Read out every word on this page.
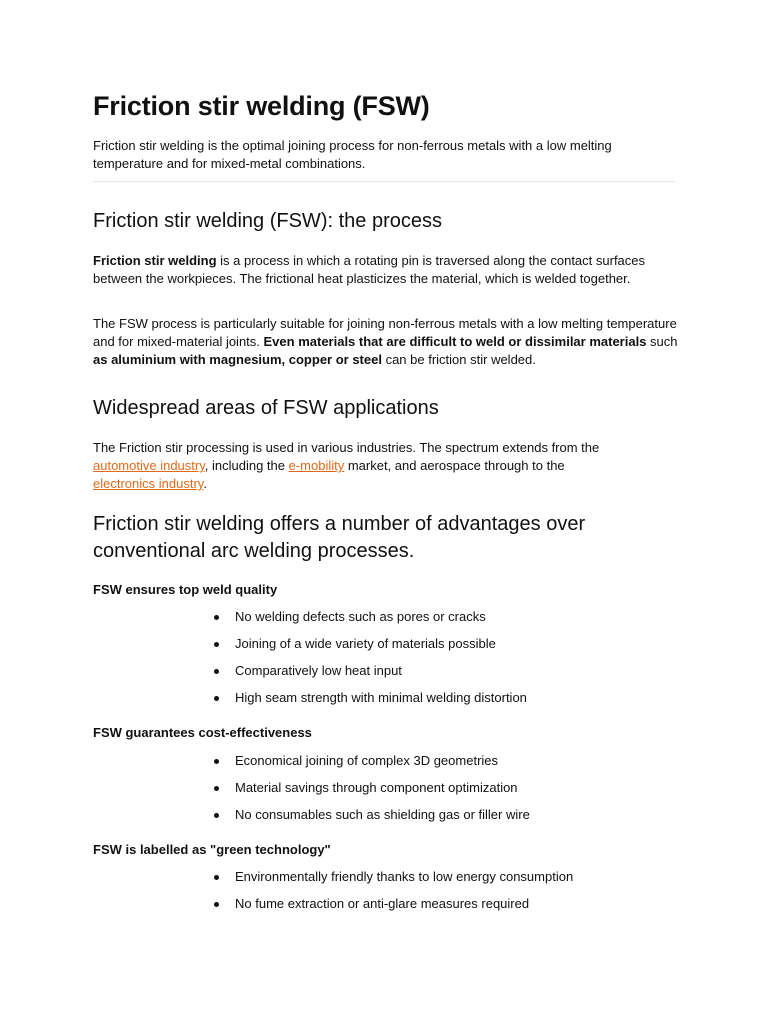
Friction stir welding (FSW)

Friction stir welding is the optimal joining process for non-ferrous metals with a low melting temperature and for mixed-metal combinations.

Friction stir welding (FSW): the process

Friction stir welding is a process in which a rotating pin is traversed along the contact surfaces between the workpieces. The frictional heat plasticizes the material, which is welded together.

The FSW process is particularly suitable for joining non-ferrous metals with a low melting temperature and for mixed-material joints. Even materials that are difficult to weld or dissimilar materials such as aluminium with magnesium, copper or steel can be friction stir welded.

Widespread areas of FSW applications

The Friction stir processing is used in various industries. The spectrum extends from the automotive industry, including the e-mobility market, and aerospace through to the electronics industry.

Friction stir welding offers a number of advantages over conventional arc welding processes.
FSW ensures top weld quality
No welding defects such as pores or cracks
Joining of a wide variety of materials possible
Comparatively low heat input
High seam strength with minimal welding distortion
FSW guarantees cost-effectiveness
Economical joining of complex 3D geometries
Material savings through component optimization
No consumables such as shielding gas or filler wire
FSW is labelled as "green technology"
Environmentally friendly thanks to low energy consumption
No fume extraction or anti-glare measures required
